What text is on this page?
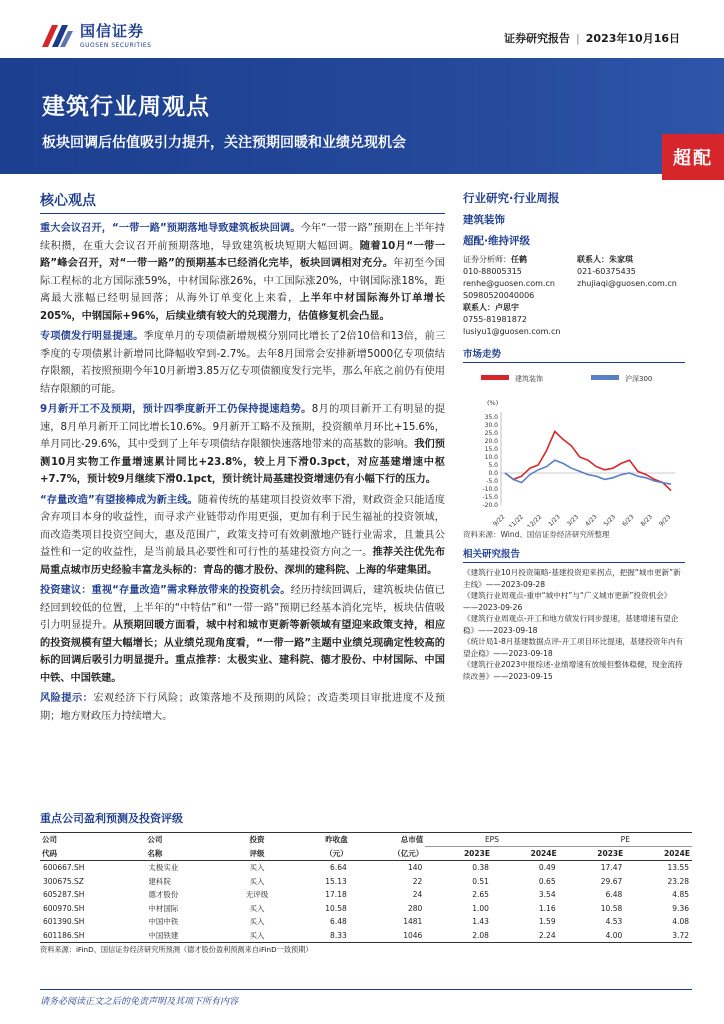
国信证券
GUOSEN SECURITIES
证券研究报告 | 2023年10月16日
建筑行业周观点
板块回调后估值吸引力提升，关注预期回暖和业绩兑现机会
超配
核心观点
重大会议召开，“一带一路”预期落地导致建筑板块回调。今年“一带一路”预期在上半年持续积攒，在重大会议召开前预期落地，导致建筑板块短期大幅回调。随着10月“一带一路”峰会召开，对“一带一路”的预期基本已经消化完毕，板块回调相对充分。年初至今国际工程标的北方国际涨59%，中材国际涨26%，中工国际涨20%，中钢国际涨18%，距离最大涨幅已经明显回落；从海外订单变化上来看，上半年中材国际海外订单增长205%，中钢国际+96%，后续业绩有较大的兑现潜力，估值修复机会凸显。
专项债发行明显提速。季度单月的专项债新增规模分别同比增长了2倍10倍和13倍，前三季度的专项债累计新增同比降幅收窄到-2.7%。去年8月国常会安排新增5000亿专项债结存限额，若按照预期今年10月新增3.85万亿专项债额度发行完毕，那么年底之前仍有使用结存限额的可能。
9月新开工不及预期，预计四季度新开工仍保持提速趋势。8月的项目新开工有明显的提速，8月单月新开工同比增长10.6%。9月新开工略不及预期，投资额单月环比+15.6%，单月同比-29.6%，其中受到了上年专项债结存限额快速落地带来的高基数的影响。我们预测10月实物工作量增速累计同比+23.8%，较上月下滑0.3pct，对应基建增速中枢+7.7%，预计较9月继续下滑0.1pct，预计统计局基建投资增速仍有小幅下行的压力。
“存量改造”有望接棒成为新主线。随着传统的基建项目投资效率下滑，财政资金只能适度舍弃项目本身的收益性，而寻求产业链带动作用更强，更加有利于民生福祉的投资领域，而改造类项目投资空间大，惠及范围广，政策支持可有效刺激地产链行业需求，且兼具公益性和一定的收益性，是当前最具必要性和可行性的基建投资方向之一。推荐关注优先布局重点城市历史经验丰富龙头标的：青岛的德才股份、深圳的建科院、上海的华建集团。
投资建议：重视“存量改造”需求释放带来的投资机会。经历持续回调后，建筑板块估值已经回到较低的位置，上半年的“中特估”和“一带一路”预期已经基本消化完毕，板块估值吸引力明显提升。从预期回暖方面看，城中村和城市更新等新领域有望迎来政策支持，相应的投资规模有望大幅增长；从业绩兑现角度看，“一带一路”主题中业绩兑现确定性较高的标的回调后吸引力明显提升。重点推荐：太极实业、建科院、德才股份、中材国际、中国中铁、中国铁建。
风险提示：宏观经济下行风险；政策落地不及预期的风险；改造类项目审批进度不及预期；地方财政压力持续增大。
行业研究·行业周报
建筑装饰
超配·维持评级
证券分析师：任鹤
010-88005315
renhe@guosen.com.cn
S0980520040006
联系人：朱家琪
021-60375435
zhujiaqi@guosen.com.cn
联系人：卢思宇
0755-81981872
lusiyu1@guosen.com.cn
市场走势
建筑装饰	沪深300
(%)
35.0
30.0
25.0
20.0
15.0
10.0
5.0
0.0
-5.0
-10.0
-15.0
-20.0
9/22 11/22 12/22 1/23 3/23 4/23 5/23 6/23 8/23 9/23
资料来源：Wind、国信证券经济研究所整理
相关研究报告
《建筑行业10月投资策略-基建投资迎来拐点，把握“城市更新”新主线》——2023-09-28
《建筑行业周观点-重申“城中村”与“广义城市更新”投资机会》——2023-09-26
《建筑行业周观点-开工和地方债发行同步提速，基建增速有望企稳》——2023-09-18
《统计局1-8月基建数据点评-开工项目环比提速，基建投资年内有望企稳》——2023-09-18
《建筑行业2023中报综述-业绩增速有放缓但整体稳健，现金流持续改善》——2023-09-15
重点公司盈利预测及投资评级
公司	公司	投资	昨收盘	总市值	EPS		PE	
代码	名称	评级	（元）	（亿元）	2023E	2024E	2023E	2024E
600667.SH	太极实业	买入	6.64	140	0.38	0.49	17.47	13.55
300675.SZ	建科院	买入	15.13	22	0.51	0.65	29.67	23.28
605287.SH	德才股份	无评级	17.18	24	2.65	3.54	6.48	4.85
600970.SH	中材国际	买入	10.58	280	1.00	1.16	10.58	9.36
601390.SH	中国中铁	买入	6.48	1481	1.43	1.59	4.53	4.08
601186.SH	中国铁建	买入	8.33	1046	2.08	2.24	4.00	3.72
资料来源：iFinD、国信证券经济研究所预测（德才股份盈利预测来自iFinD一致预期）
请务必阅读正文之后的免责声明及其项下所有内容
